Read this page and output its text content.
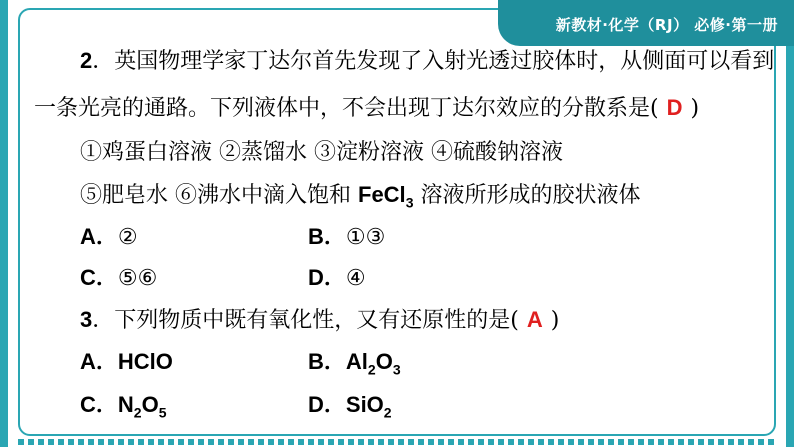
新教材·化学（RJ） 必修·第一册
2．英国物理学家丁达尔首先发现了入射光透过胶体时，从侧面可以看到
一条光亮的通路。下列液体中，不会出现丁达尔效应的分散系是( D )
①鸡蛋白溶液 ②蒸馏水 ③淀粉溶液 ④硫酸钠溶液
⑤肥皂水 ⑥沸水中滴入饱和 FeCl$_3$ 溶液所形成的胶状液体
A．②	B．①③
C．⑤⑥	D．④
3．下列物质中既有氧化性，又有还原性的是( A )
A．HClO	B．$Al_2O_3$
C．$N_2O_5$	D．SiO$_2$
